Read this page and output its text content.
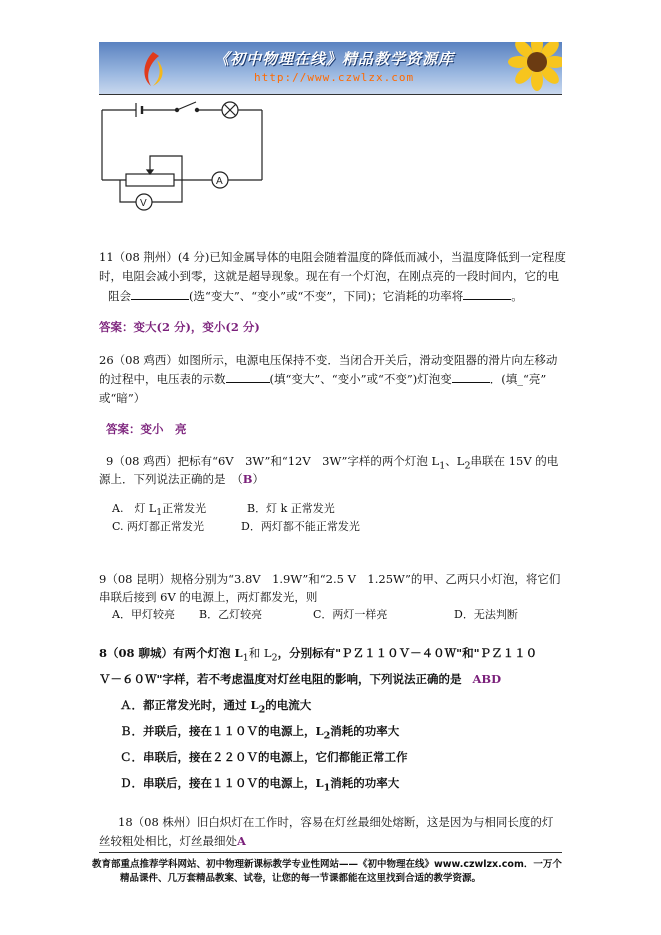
《初中物理在线》精品教学资源库
http://www.czwlzx.com
A
V
11（08 荆州）(4 分)已知金属导体的电阻会随着温度的降低而减小，当温度降低到一定程度
时，电阻会减小到零，这就是超导现象。现在有一个灯泡，在刚点亮的一段时间内，它的电
阻会	(选“变大”、“变小”或“不变”，下同)；它消耗的功率将	。
答案：变大(2 分)，变小(2 分)
26（08 鸡西）如图所示，电源电压保持不变．当闭合开关后，滑动变阻器的滑片向左移动
的过程中，电压表的示数	(填“变大”、“变小”或“不变”)灯泡变	．(填_“亮”
或“暗”）
答案：变小　亮
9（08 鸡西）把标有“6V　3W”和“12V　3W”字样的两个灯泡 $L_1$、$L_2$串联在 15V 的电
源上．下列说法正确的是　（B）
A.　灯 $L_1$正常发光	B．灯 k 正常发光
C. 两灯都正常发光	D．两灯都不能正常发光
9（08 昆明）规格分别为“3.8V　1.9W”和“2.5 V　1.25W”的甲、乙两只小灯泡，将它们
串联后接到 6V 的电源上，两灯都发光，则
A．甲灯较亮 B．乙灯较亮	C．两灯一样亮	D．无法判断
8（08 聊城）有两个灯泡 $L_1$和 $L_2$，分别标有"ＰＺ１１０Ｖ－４０Ｗ"和"ＰＺ１１０
Ｖ－６０Ｗ"字样，若不考虑温度对灯丝电阻的影响，下列说法正确的是 ABD
Ａ．都正常发光时，通过 $L_2$的电流大
Ｂ．并联后，接在１１０Ｖ的电源上，$L_2$消耗的功率大
Ｃ．串联后，接在２２０Ｖ的电源上，它们都能正常工作
Ｄ．串联后，接在１１０Ｖ的电源上，$L_1$消耗的功率大
18（08 株州）旧白炽灯在工作时，容易在灯丝最细处熔断，这是因为与相同长度的灯
丝较粗处相比，灯丝最细处A
教育部重点推荐学科网站、初中物理新课标教学专业性网站——《初中物理在线》www.czwlzx.com．一万个
精品课件、几万套精品教案、试卷，让您的每一节课都能在这里找到合适的教学资源。
